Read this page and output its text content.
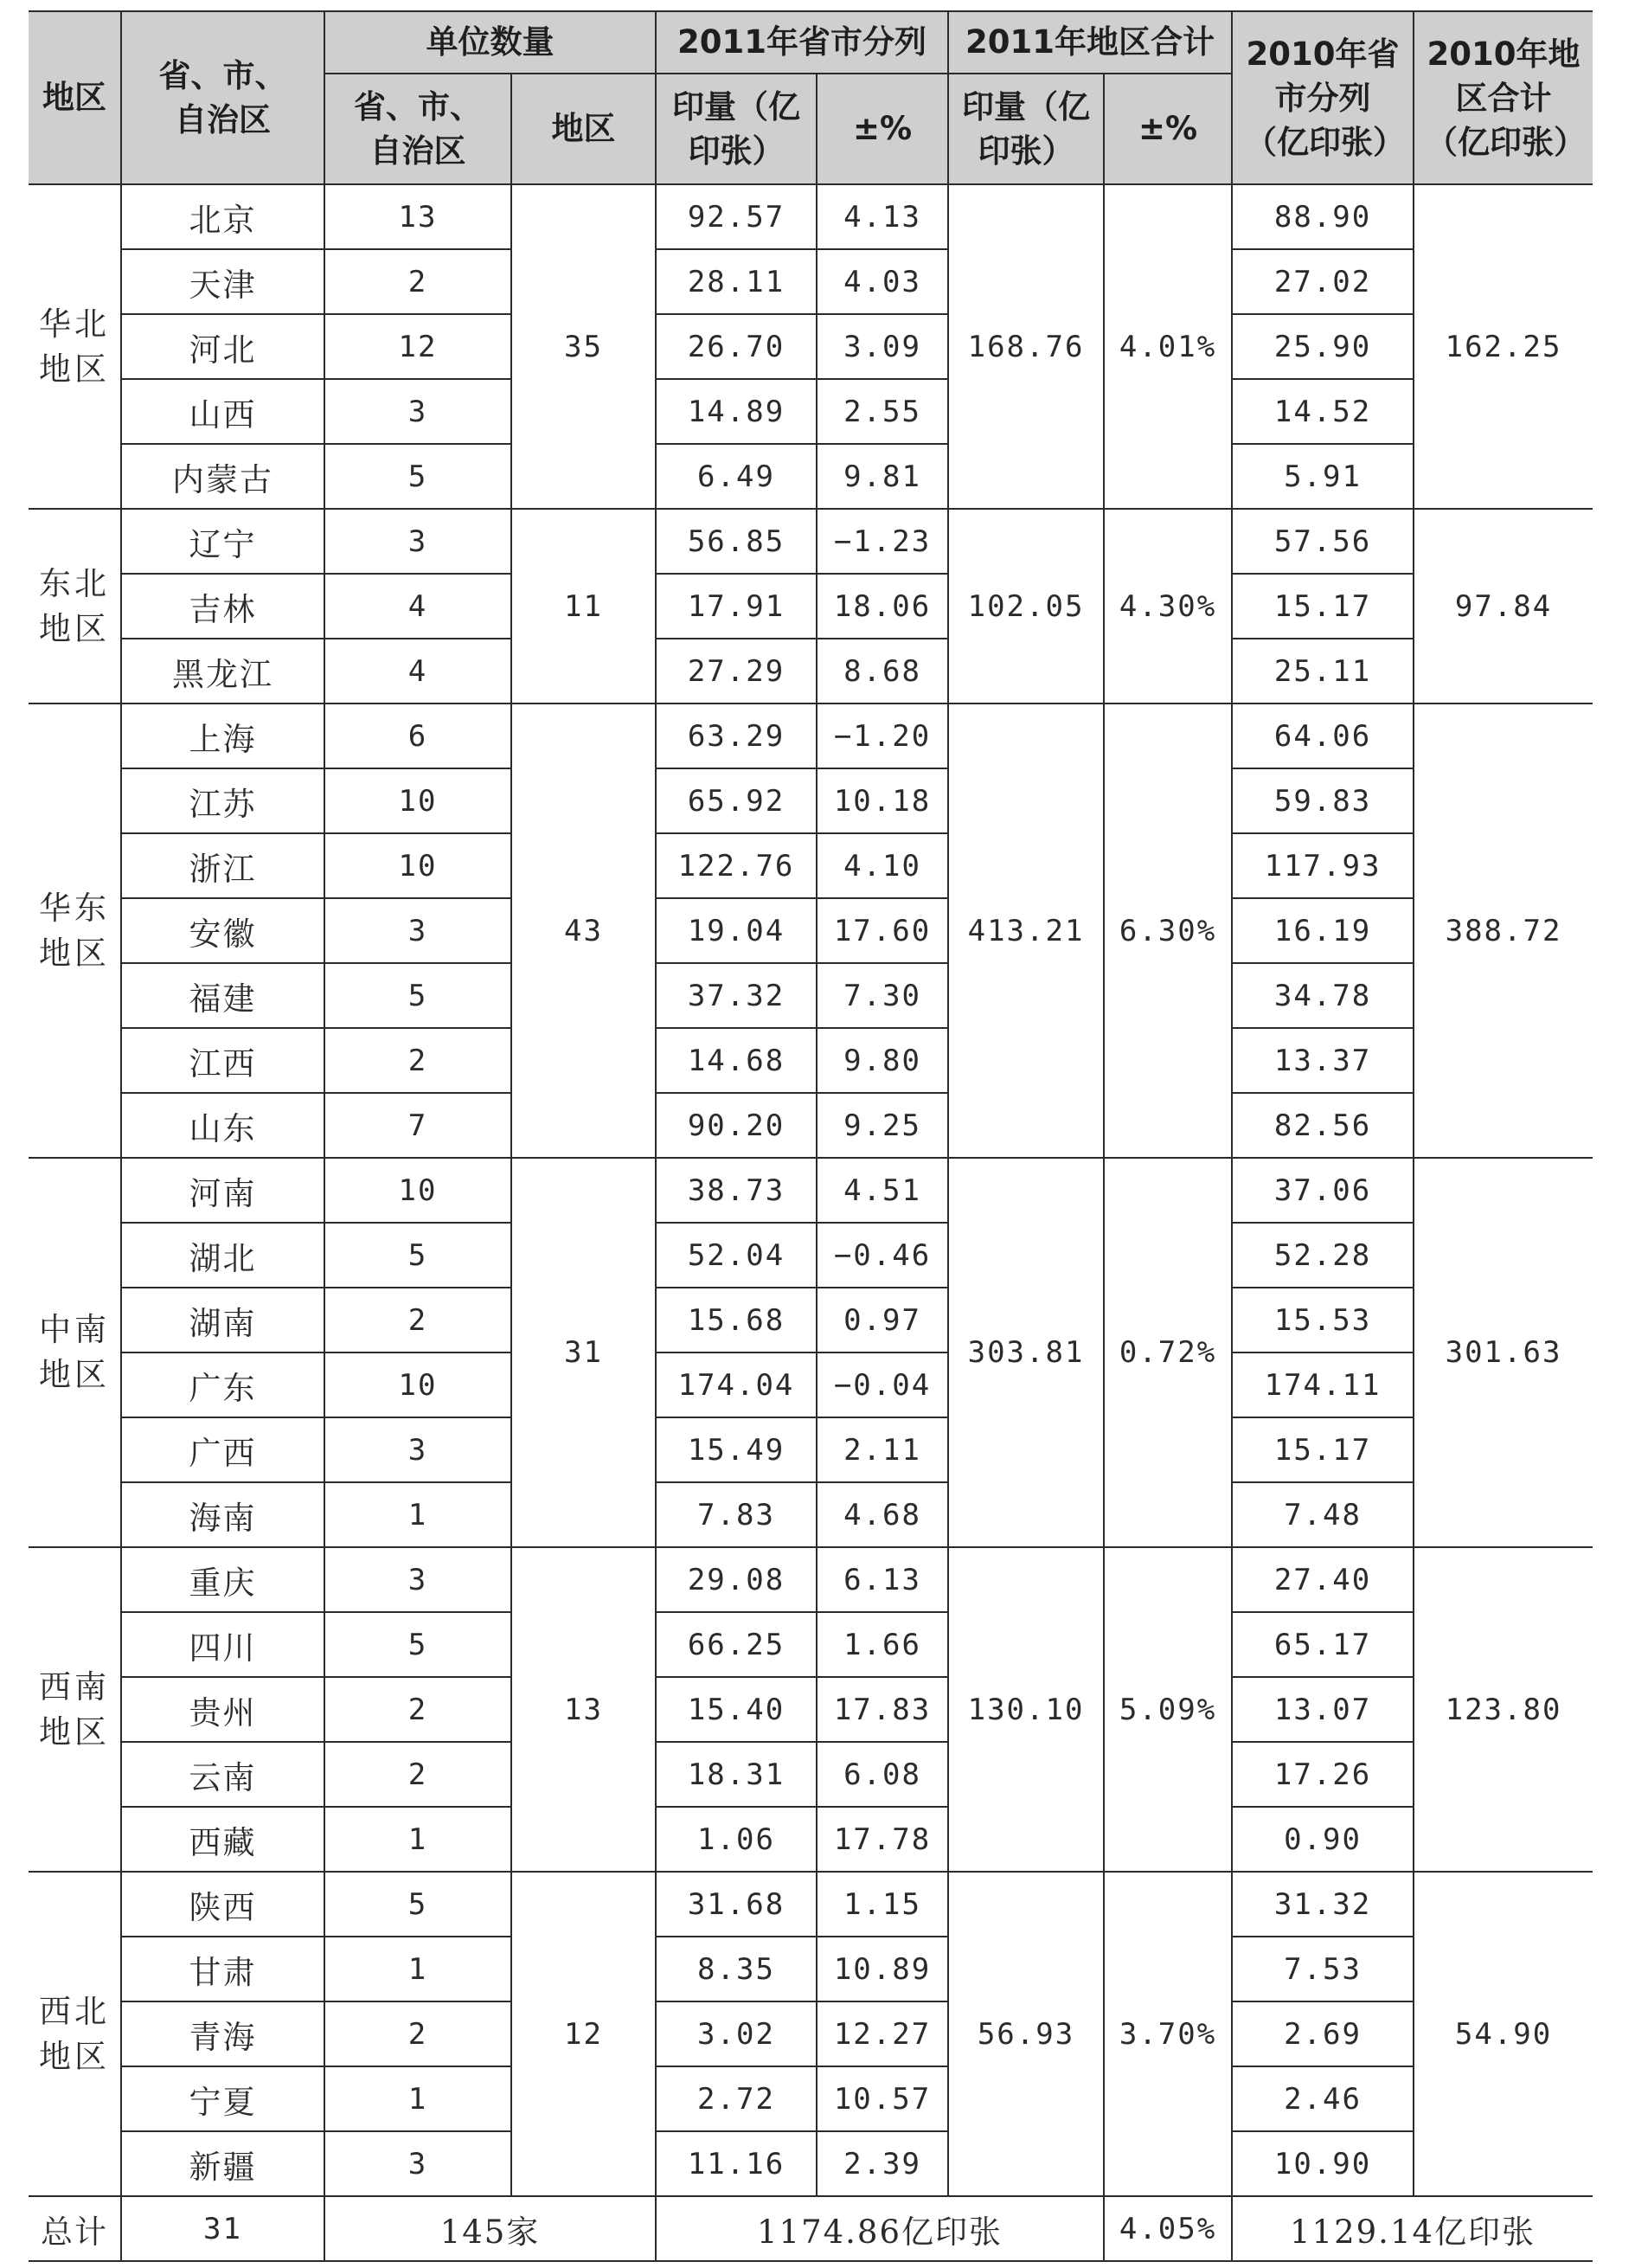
地区	省、市、自治区	单位数量		2011年省市分列		2011年地区合计		2010年省市分列（亿印张）	2010年地区合计（亿印张）
		省、市、自治区	地区	印量（亿印张）	±%	印量（亿印张）	±%		
华北地区	北京	13	35	92.57	4.13	168.76	4.01%	88.90	162.25
	天津	2		28.11	4.03			27.02	
	河北	12		26.70	3.09			25.90	
	山西	3		14.89	2.55			14.52	
	内蒙古	5		6.49	9.81			5.91	
东北地区	辽宁	3	11	56.85	−1.23	102.05	4.30%	57.56	97.84
	吉林	4		17.91	18.06			15.17	
	黑龙江	4		27.29	8.68			25.11	
华东地区	上海	6	43	63.29	−1.20	413.21	6.30%	64.06	388.72
	江苏	10		65.92	10.18			59.83	
	浙江	10		122.76	4.10			117.93	
	安徽	3		19.04	17.60			16.19	
	福建	5		37.32	7.30			34.78	
	江西	2		14.68	9.80			13.37	
	山东	7		90.20	9.25			82.56	
中南地区	河南	10	31	38.73	4.51	303.81	0.72%	37.06	301.63
	湖北	5		52.04	−0.46			52.28	
	湖南	2		15.68	0.97			15.53	
	广东	10		174.04	−0.04			174.11	
	广西	3		15.49	2.11			15.17	
	海南	1		7.83	4.68			7.48	
西南地区	重庆	3	13	29.08	6.13	130.10	5.09%	27.40	123.80
	四川	5		66.25	1.66			65.17	
	贵州	2		15.40	17.83			13.07	
	云南	2		18.31	6.08			17.26	
	西藏	1		1.06	17.78			0.90	
西北地区	陕西	5	12	31.68	1.15	56.93	3.70%	31.32	54.90
	甘肃	1		8.35	10.89			7.53	
	青海	2		3.02	12.27			2.69	
	宁夏	1		2.72	10.57			2.46	
	新疆	3		11.16	2.39			10.90	
总计	31	145家		1174.86亿印张			4.05%	1129.14亿印张	
